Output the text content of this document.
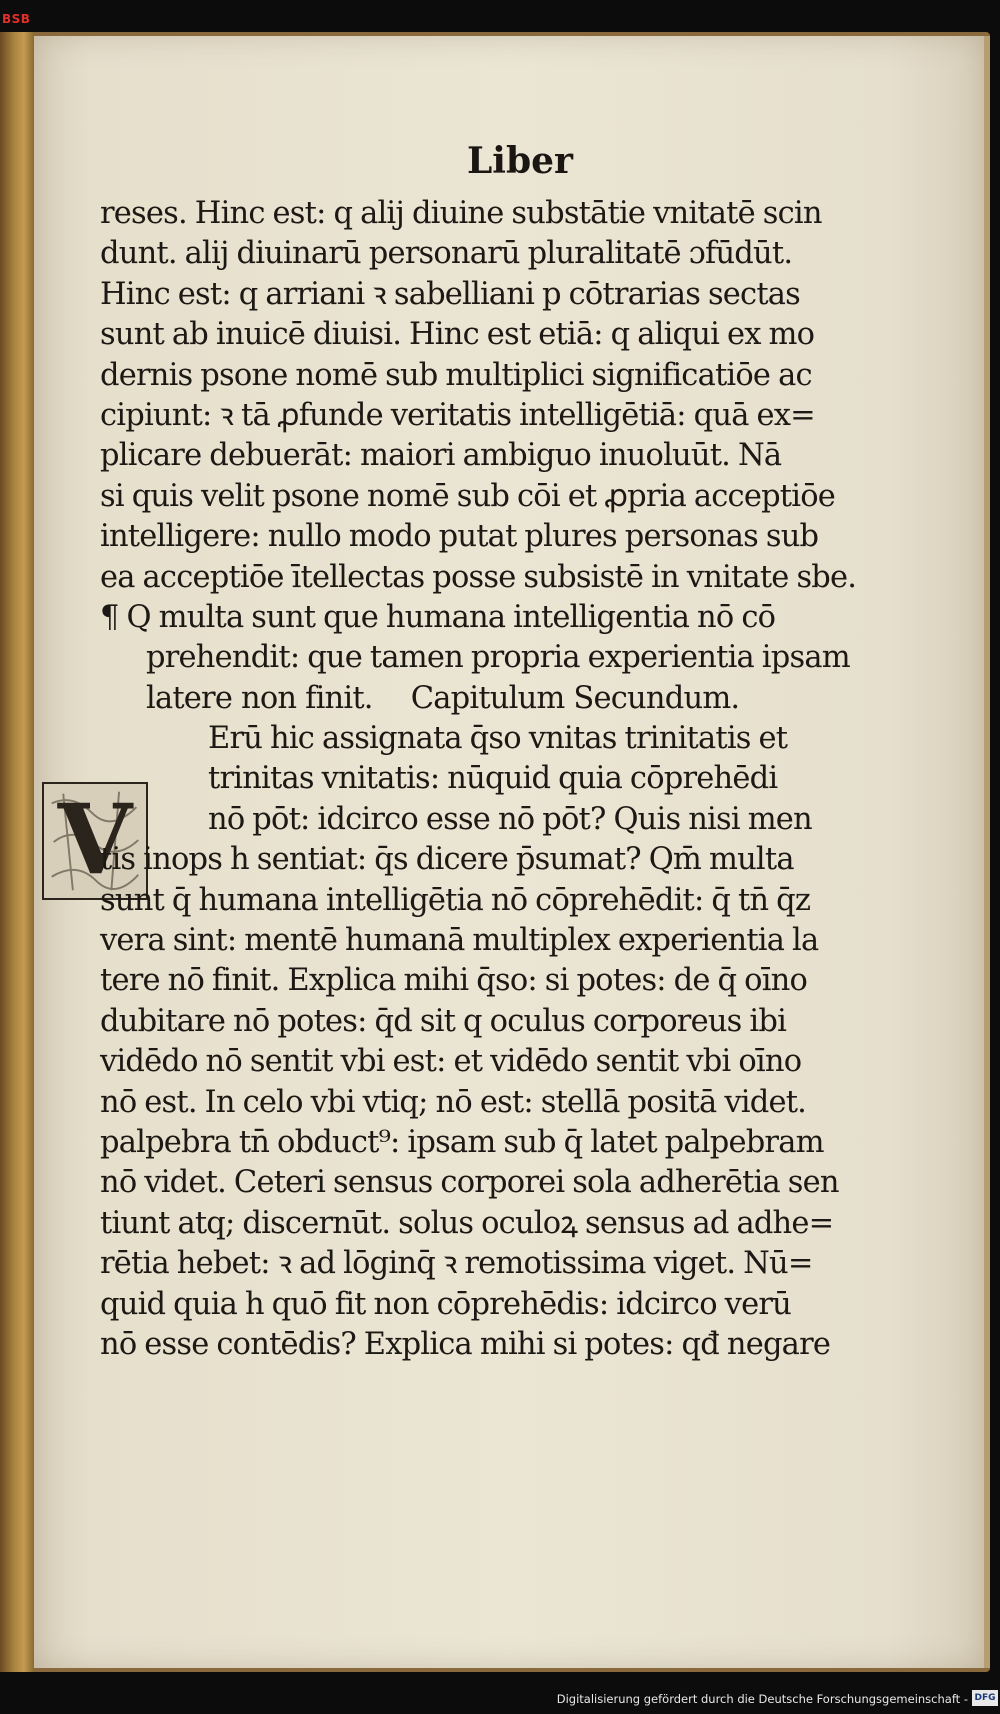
BSB
V
Liber
reses. Hinc est: q alij diuine substātie vnitatē scin
dunt. alij diuinarū personarū pluralitatē ɔfūdūt.
Hinc est: q arriani ꝛ sabelliani p cōtrarias sectas
sunt ab inuicē diuisi. Hinc est etiā: q aliqui ex mo
dernis psone nomē sub multiplici significatiōe ac
cipiunt: ꝛ tā ꝓfunde veritatis intelligētiā: quā ex=
plicare debuerāt: maiori ambiguo inuoluūt. Nā
si quis velit psone nomē sub cōi et ꝓpria acceptiōe
intelligere: nullo modo putat plures personas sub
ea acceptiōe ītellectas posse subsistē in vnitate sbe.
¶ Q multa sunt que humana intelligentia nō cō
prehendit: que tamen propria experientia ipsam
latere non finit. Capitulum Secundum.
Erū hic assignata q̄so vnitas trinitatis et
trinitas vnitatis: nūquid quia cōprehēdi
nō pōt: idcirco esse nō pōt? Quis nisi men
tis inops h sentiat: q̄s dicere p̄sumat? Qm̄ multa
sunt q̄ humana intelligētia nō cōprehēdit: q̄ tn̄ q̄z
vera sint: mentē humanā multiplex experientia la
tere nō finit. Explica mihi q̄so: si potes: de q̄ oīno
dubitare nō potes: q̄d sit q oculus corporeus ibi
vidēdo nō sentit vbi est: et vidēdo sentit vbi oīno
nō est. In celo vbi vtiq; nō est: stellā positā videt.
palpebra tn̄ obduct⁹: ipsam sub q̄ latet palpebram
nō videt. Ceteri sensus corporei sola adherētia sen
tiunt atq; discernūt. solus oculoꝝ sensus ad adhe=
rētia hebet: ꝛ ad lōginq̄ ꝛ remotissima viget. Nū=
quid quia h quō fit non cōprehēdis: idcirco verū
nō esse contēdis? Explica mihi si potes: qđ negare
Digitalisierung gefördert durch die Deutsche Forschungsgemeinschaft - DFG
